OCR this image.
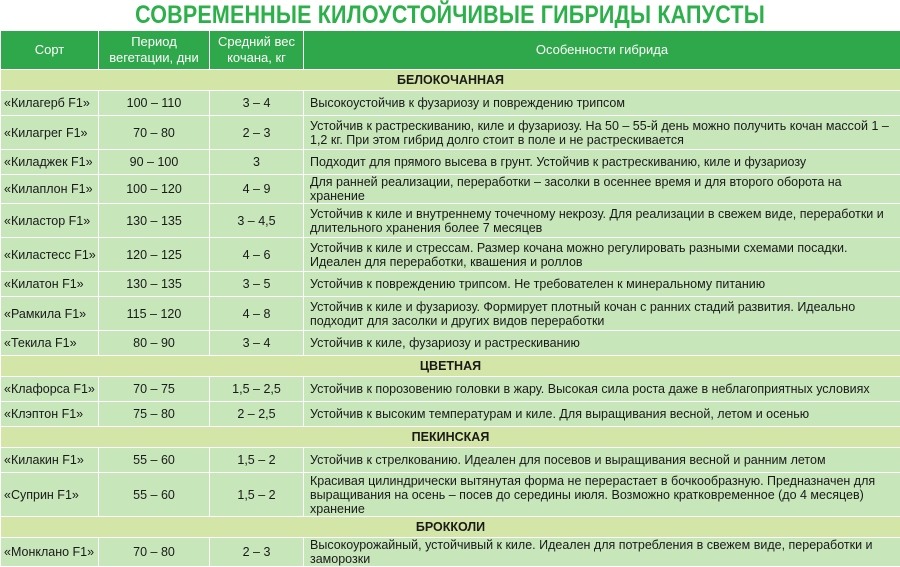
СОВРЕМЕННЫЕ КИЛОУСТОЙЧИВЫЕ ГИБРИДЫ КАПУСТЫ
Сорт	Период вегетации, дни	Средний вес кочана, кг	Особенности гибрида
БЕЛОКОЧАННАЯ			
«Килагерб F1»	100 – 110	3 – 4	Высокоустойчив к фузариозу и повреждению трипсом
«Килагрег F1»	70 – 80	2 – 3	Устойчив к растрескиванию, киле и фузариозу. На 50 – 55-й день можно получить кочан массой 1 – 1,2 кг. При этом гибрид долго стоит в поле и не растрескивается
«Киладжек F1»	90 – 100	3	Подходит для прямого высева в грунт. Устойчив к растрескиванию, киле и фузариозу
«Килаплон F1»	100 – 120	4 – 9	Для ранней реализации, переработки – засолки в осеннее время и для второго оборота на хранение
«Киластор F1»	130 – 135	3 – 4,5	Устойчив к киле и внутреннему точечному некрозу. Для реализации в свежем виде, переработки и длительного хранения более 7 месяцев
«Киластесс F1»	120 – 125	4 – 6	Устойчив к киле и стрессам. Размер кочана можно регулировать разными схемами посадки. Идеален для переработки, квашения и роллов
«Килатон F1»	130 – 135	3 – 5	Устойчив к повреждению трипсом. Не требователен к минеральному питанию
«Рамкила F1»	115 – 120	4 – 8	Устойчив к киле и фузариозу. Формирует плотный кочан с ранних стадий развития. Идеально подходит для засолки и других видов переработки
«Текила F1»	80 – 90	3 – 4	Устойчив к киле, фузариозу и растрескиванию
ЦВЕТНАЯ			
«Клафорса F1»	70 – 75	1,5 – 2,5	Устойчив к порозовению головки в жару. Высокая сила роста даже в неблагоприятных условиях
«Клэптон F1»	75 – 80	2 – 2,5	Устойчив к высоким температурам и киле. Для выращивания весной, летом и осенью
ПЕКИНСКАЯ			
«Килакин F1»	55 – 60	1,5 – 2	Устойчив к стрелкованию. Идеален для посевов и выращивания весной и ранним летом
«Суприн F1»	55 – 60	1,5 – 2	Красивая цилиндрически вытянутая форма не перерастает в бочкообразную. Предназначен для выращивания на осень – посев до середины июля. Возможно кратковременное (до 4 месяцев) хранение
БРОККОЛИ			
«Монклано F1»	70 – 80	2 – 3	Высокоурожайный, устойчивый к киле. Идеален для потребления в свежем виде, переработки и заморозки
